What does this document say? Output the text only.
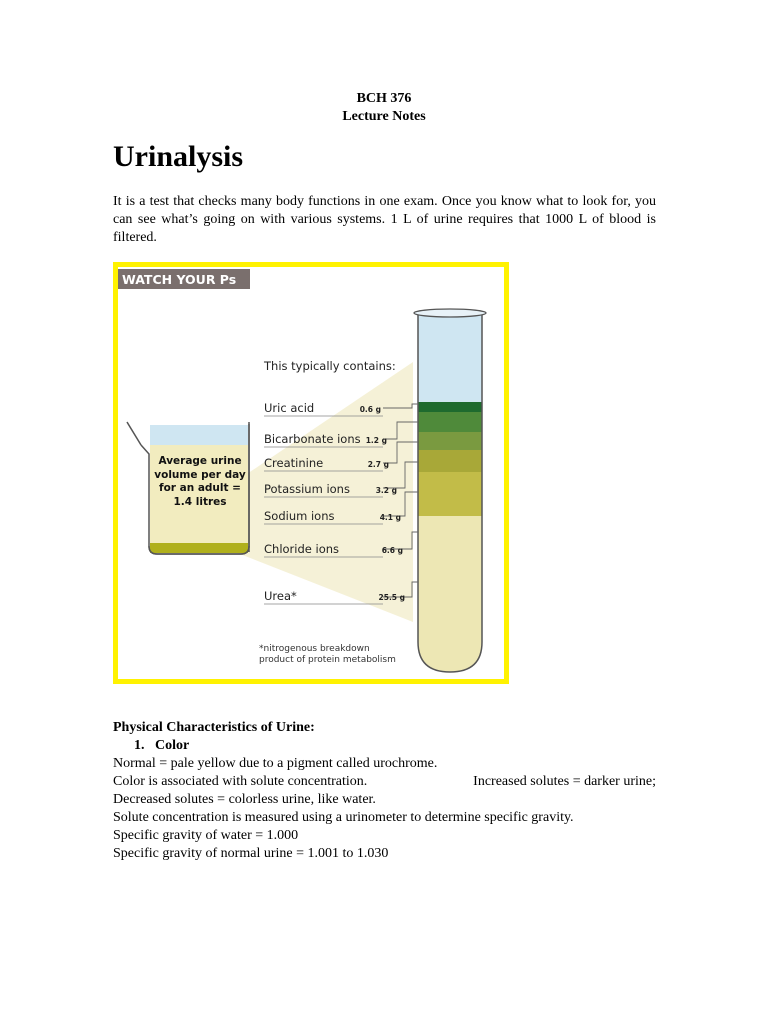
BCH 376
Lecture Notes
Urinalysis

It is a test that checks many body functions in one exam. Once you know what to look for, you can see what’s going on with various systems. 1 L of urine requires that 1000 L of blood is filtered.

WATCH YOUR Ps
This typically contains:
Average urine
volume per day
for an adult =
1.4 litres
Uric acid	0.6 g
Bicarbonate ions 1.2 g
Creatinine	2.7 g
Potassium ions	3.2 g
Sodium ions	4.1 g
Chloride ions	6.6 g
Urea*	25.5 g
*nitrogenous breakdown
product of protein metabolism
Physical Characteristics of Urine:
1.   Color
Normal = pale yellow due to a pigment called urochrome.
Color is associated with solute concentration.	Increased solutes = darker urine;
Decreased solutes = colorless urine, like water.
Solute concentration is measured using a urinometer to determine specific gravity.
Specific gravity of water = 1.000
Specific gravity of normal urine = 1.001 to 1.030
